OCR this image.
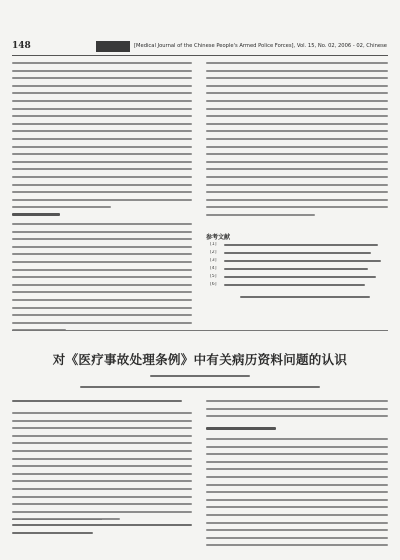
148	[Medical Journal of the Chinese People's Armed Police Forces], Vol. 15, No. 02, 2006 - 02, Chinese
参考文献
[1]
[2]
[3]
[4]
[5]
[6]
对《医疗事故处理条例》中有关病历资料问题的认识
